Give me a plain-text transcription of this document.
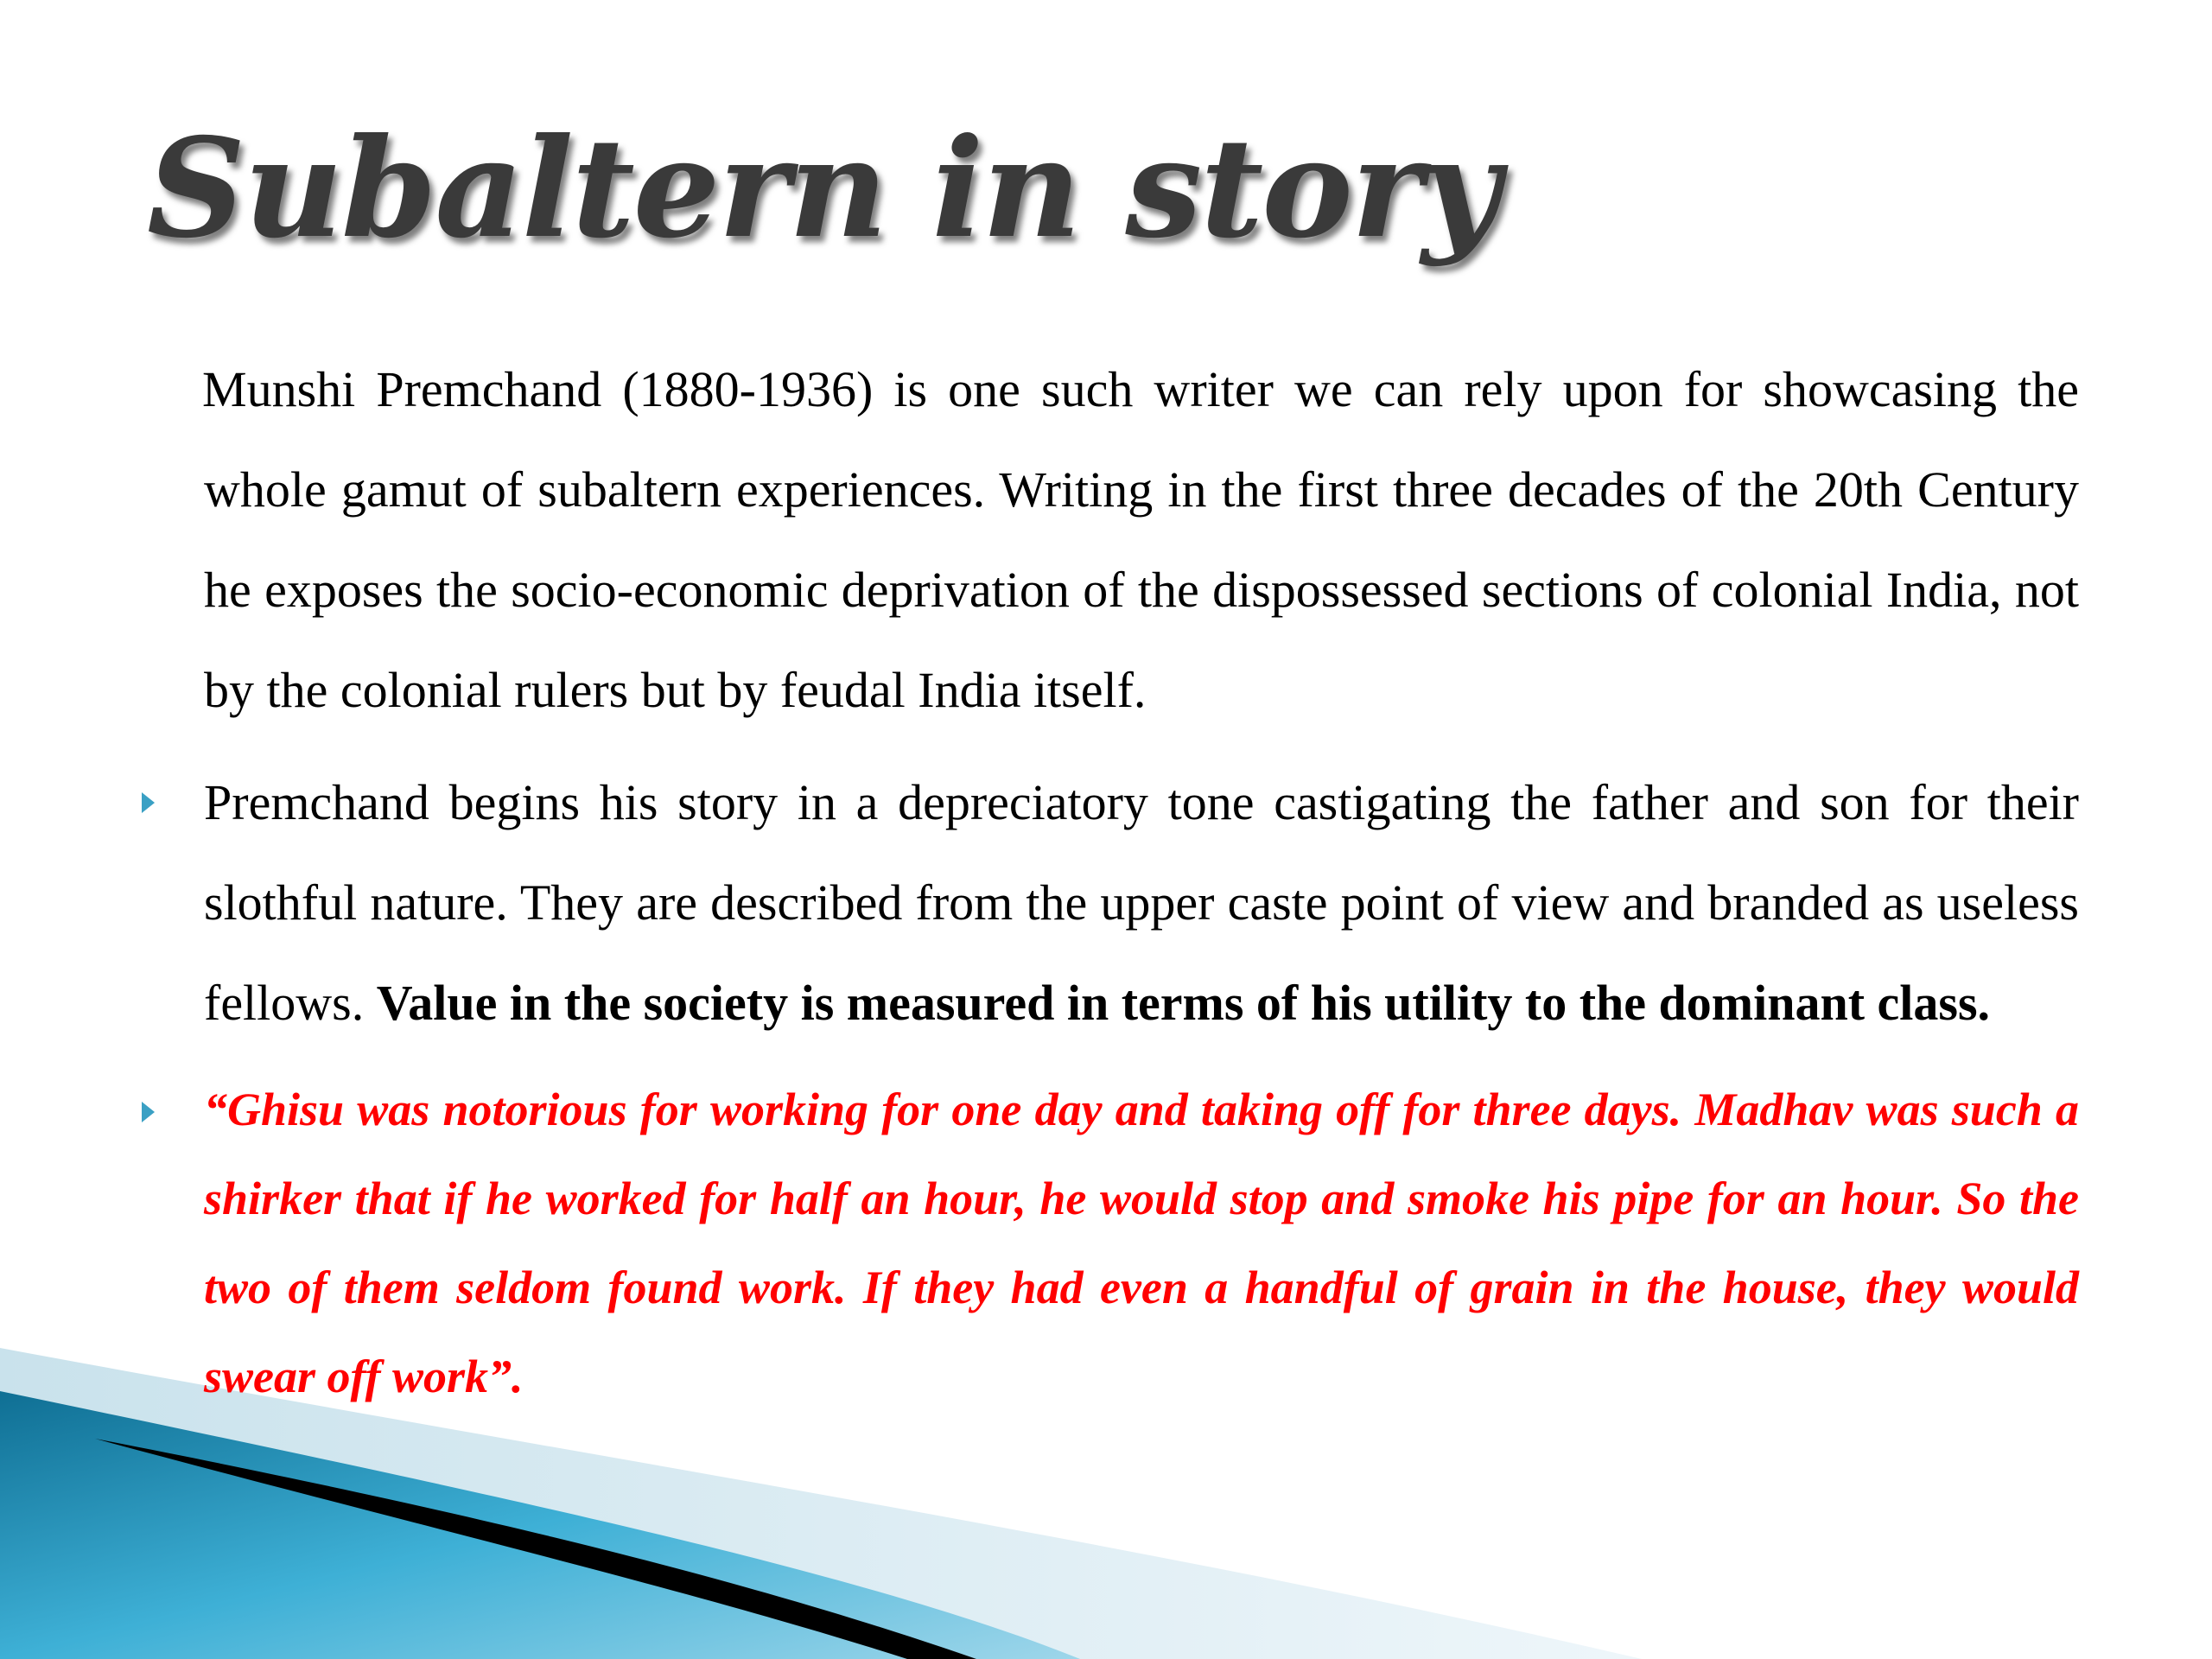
Subaltern in story

Munshi Premchand (1880-1936) is one such writer we can rely upon for showcasing the whole gamut of subaltern experiences. Writing in the first three decades of the 20th Century he exposes the socio-economic deprivation of the dispossessed sections of colonial India, not by the colonial rulers but by feudal India itself.

Premchand begins his story in a depreciatory tone castigating the father and son for their slothful nature. They are described from the upper caste point of view and branded as useless fellows. Value in the society is measured in terms of his utility to the dominant class.

“Ghisu was notorious for working for one day and taking off for three days. Madhav was such a shirker that if he worked for half an hour, he would stop and smoke his pipe for an hour. So the two of them seldom found work. If they had even a handful of grain in the house, they would swear off work”.
